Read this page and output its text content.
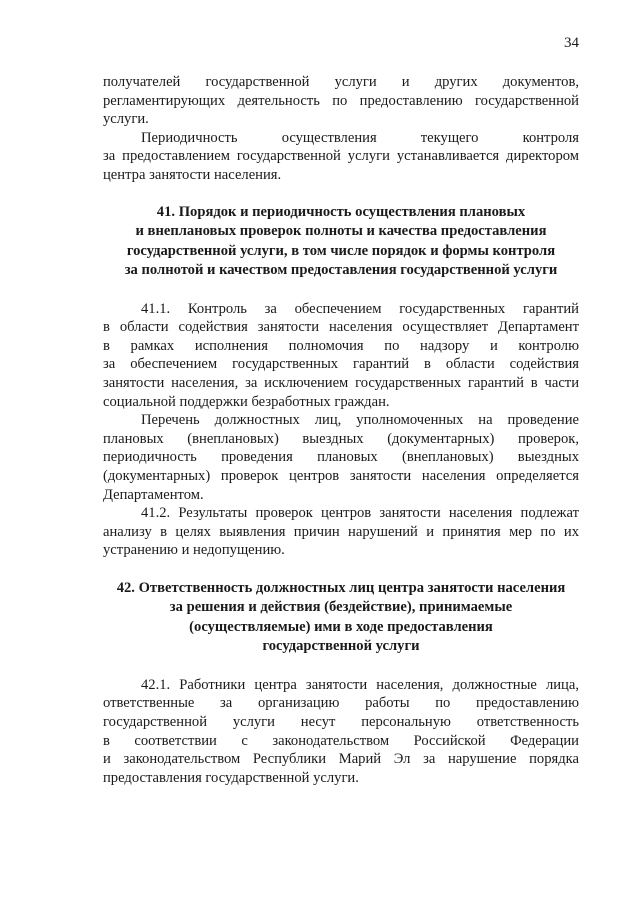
34
получателей государственной услуги и других документов,
регламентирующих деятельность по предоставлению государственной
услуги.
Периодичность осуществления текущего контроля
за предоставлением государственной услуги устанавливается директором
центра занятости населения.
41. Порядок и периодичность осуществления плановых
и внеплановых проверок полноты и качества предоставления
государственной услуги, в том числе порядок и формы контроля
за полнотой и качеством предоставления государственной услуги
41.1. Контроль за обеспечением государственных гарантий
в области содействия занятости населения осуществляет Департамент
в рамках исполнения полномочия по надзору и контролю
за обеспечением государственных гарантий в области содействия
занятости населения, за исключением государственных гарантий в части
социальной поддержки безработных граждан.
Перечень должностных лиц, уполномоченных на проведение
плановых (внеплановых) выездных (документарных) проверок,
периодичность проведения плановых (внеплановых) выездных
(документарных) проверок центров занятости населения определяется
Департаментом.
41.2. Результаты проверок центров занятости населения подлежат
анализу в целях выявления причин нарушений и принятия мер по их
устранению и недопущению.
42. Ответственность должностных лиц центра занятости населения
за решения и действия (бездействие), принимаемые
(осуществляемые) ими в ходе предоставления
государственной услуги
42.1. Работники центра занятости населения, должностные лица,
ответственные за организацию работы по предоставлению
государственной услуги несут персональную ответственность
в соответствии с законодательством Российской Федерации
и законодательством Республики Марий Эл за нарушение порядка
предоставления государственной услуги.
